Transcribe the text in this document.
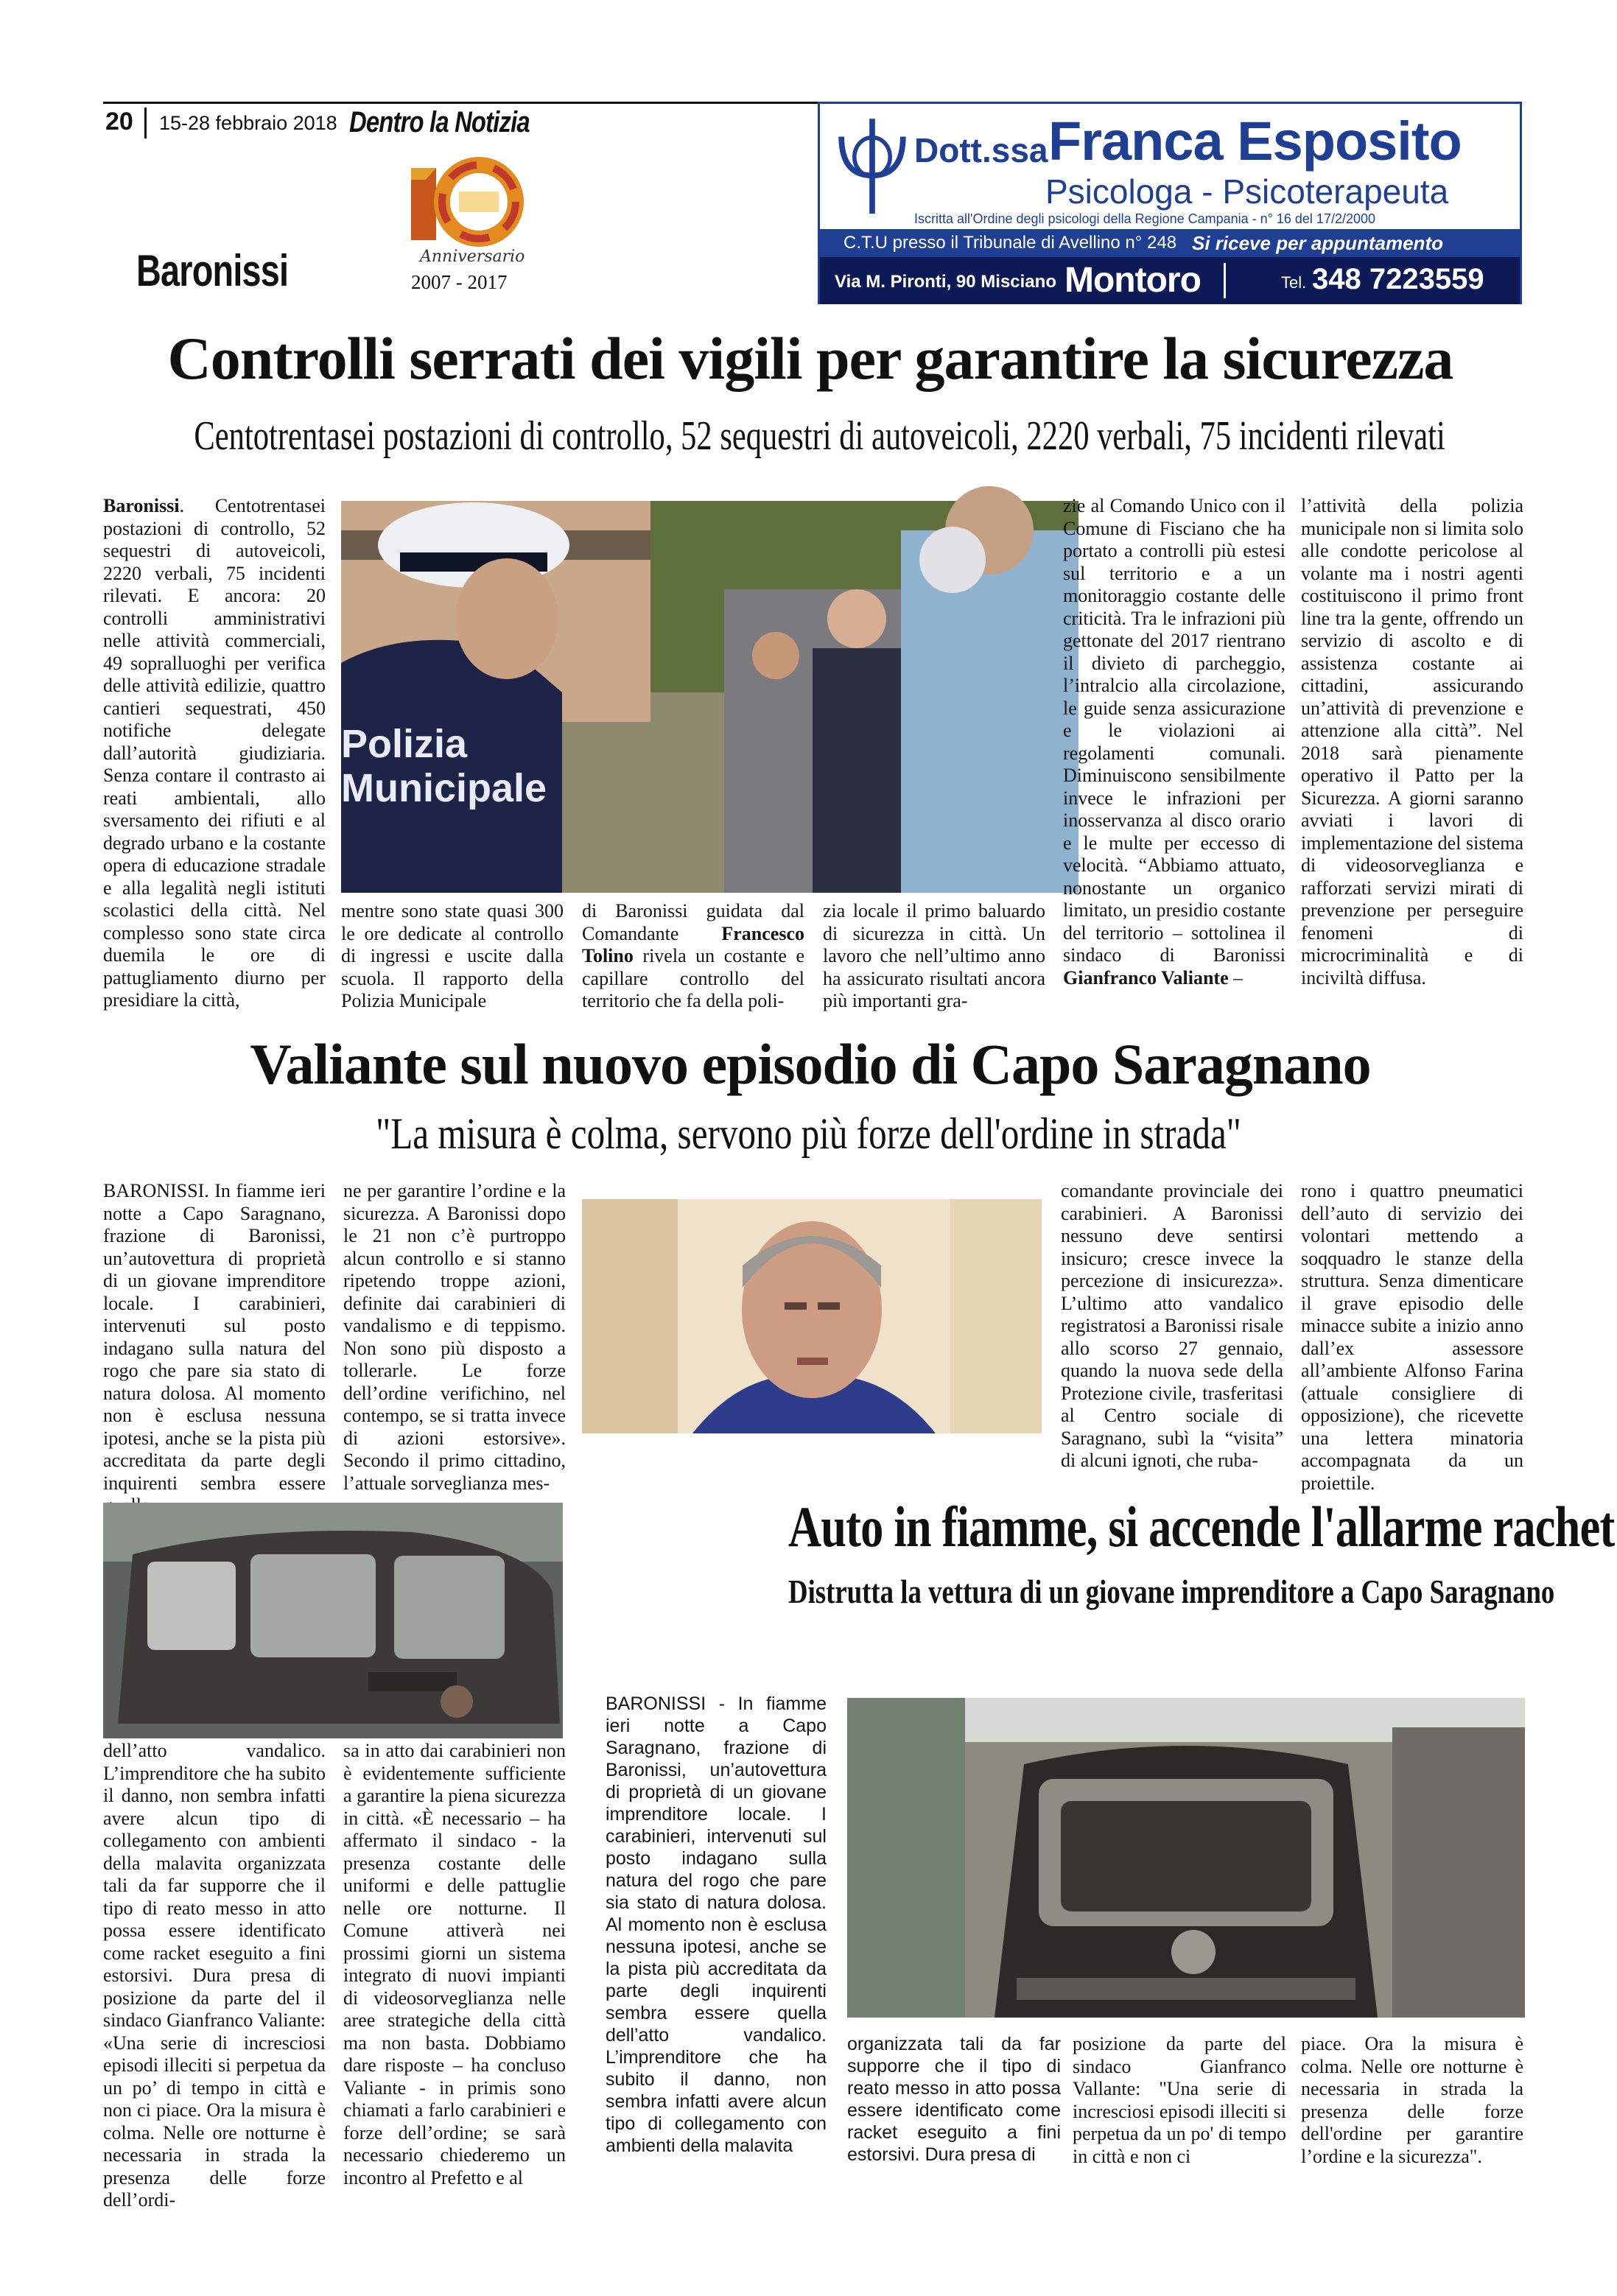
20 15-28 febbraio 2018 Dentro la Notizia
Anniversario
2007 - 2017
Baronissi
Dott.ssa Franca Esposito
Psicologa - Psicoterapeuta
Iscritta all'Ordine degli psicologi della Regione Campania - n° 16 del 17/2/2000
C.T.U presso il Tribunale di Avellino n° 248 Si riceve per appuntamento
Via M. Pironti, 90 Misciano Montoro	Tel. 348 7223559
Controlli serrati dei vigili per garantire la sicurezza
Centotrentasei postazioni di controllo, 52 sequestri di autoveicoli, 2220 verbali, 75 incidenti rilevati

Baronissi. Centotrentasei postazioni di controllo, 52 sequestri di autoveicoli, 2220 verbali, 75 incidenti rilevati. E ancora: 20 controlli amministrativi nelle attività commerciali, 49 sopralluoghi per verifica delle attività edilizie, quattro cantieri sequestrati, 450 notifiche delegate dall’autorità giudiziaria. Senza contare il contrasto ai reati ambientali, allo sversamento dei rifiuti e al degrado urbano e la costante opera di educazione stradale e alla legalità negli istituti scolastici della città. Nel complesso sono state circa duemila le ore di pattugliamento diurno per presidiare la città,

Polizia Municipale
mentre sono state quasi 300 le ore dedicate al controllo di ingressi e uscite dalla scuola. Il rapporto della Polizia Municipale

di Baronissi guidata dal Comandante Francesco Tolino rivela un costante e capillare controllo del territorio che fa della poli-

zia locale il primo baluardo di sicurezza in città. Un lavoro che nell’ultimo anno ha assicurato risultati ancora più importanti gra-

zie al Comando Unico con il Comune di Fisciano che ha portato a controlli più estesi sul territorio e a un monitoraggio costante delle criticità. Tra le infrazioni più gettonate del 2017 rientrano il divieto di parcheggio, l’intralcio alla circolazione, le guide senza assicurazione e le violazioni ai regolamenti comunali. Diminuiscono sensibilmente invece le infrazioni per inosservanza al disco orario e le multe per eccesso di velocità. “Abbiamo attuato, nonostante un organico limitato, un presidio costante del territorio – sottolinea il sindaco di Baronissi Gianfranco Valiante –

l’attività della polizia municipale non si limita solo alle condotte pericolose al volante ma i nostri agenti costituiscono il primo front line tra la gente, offrendo un servizio di ascolto e di assistenza costante ai cittadini, assicurando un’attività di prevenzione e attenzione alla città”. Nel 2018 sarà pienamente operativo il Patto per la Sicurezza. A giorni saranno avviati i lavori di implementazione del sistema di videosorveglianza e rafforzati servizi mirati di prevenzione per perseguire fenomeni di microcriminalità e di inciviltà diffusa.
Valiante sul nuovo episodio di Capo Saragnano
"La misura è colma, servono più forze dell'ordine in strada"
BARONISSI. In fiamme ieri notte a Capo Saragnano, frazione di Baronissi, un’autovettura di proprietà di un giovane imprenditore locale. I carabinieri, intervenuti sul posto indagano sulla natura del rogo che pare sia stato di natura dolosa. Al momento non è esclusa nessuna ipotesi, anche se la pista più accreditata da parte degli inquirenti sembra essere
ne per garantire l’ordine e la sicurezza. A Baronissi dopo le 21 non c’è purtroppo alcun controllo e si stanno ripetendo troppe azioni, definite dai carabinieri di vandalismo e di teppismo. Non sono più disposto a tollerarle. Le forze dell’ordine verifichino, nel contempo, se si tratta invece di azioni estorsive». Secondo il primo cittadino, l’attuale sorveglianza mes-
comandante provinciale dei carabinieri. A Baronissi nessuno deve sentirsi insicuro; cresce invece la percezione di insicurezza». L’ultimo atto vandalico registratosi a Baronissi risale allo scorso 27 gennaio, quando la nuova sede della Protezione civile, trasferitasi al Centro sociale di Saragnano, subì la “visita” di alcuni ignoti, che ruba-
rono i quattro pneumatici dell’auto di servizio dei volontari mettendo a soqquadro le stanze della struttura. Senza dimenticare il grave episodio delle minacce subite a inizio anno dall’ex assessore all’ambiente Alfonso Farina (attuale consigliere di opposizione), che ricevette una lettera minatoria accompagnata da un proiettile.
Auto in fiamme, si accende l'allarme rachet
Distrutta la vettura di un giovane imprenditore a Capo Saragnano
dell’atto vandalico. L’imprenditore che ha subito il danno, non sembra infatti avere alcun tipo di collegamento con ambienti della malavita organizzata tali da far supporre che il tipo di reato messo in atto possa essere identificato come racket eseguito a fini estorsivi. Dura presa di posizione da parte del il sindaco Gianfranco Valiante: «Una serie di incresciosi episodi illeciti si perpetua da un po’ di tempo in città e non ci piace. Ora la misura è colma. Nelle ore notturne è necessaria in strada la presenza delle forze dell’ordi-
sa in atto dai carabinieri non è evidentemente sufficiente a garantire la piena sicurezza in città. «È necessario – ha affermato il sindaco - la presenza costante delle uniformi e delle pattuglie nelle ore notturne. Il Comune attiverà nei prossimi giorni un sistema integrato di nuovi impianti di videosorveglianza nelle aree strategiche della città ma non basta. Dobbiamo dare risposte – ha concluso Valiante - in primis sono chiamati a farlo carabinieri e forze dell’ordine; se sarà necessario chiederemo un incontro al Prefetto e al
BARONISSI - In fiamme ieri notte a Capo Saragnano, frazione di Baronissi, un’autovettura di proprietà di un giovane imprenditore locale. I carabinieri, intervenuti sul posto indagano sulla natura del rogo che pare sia stato di natura dolosa. Al momento non è esclusa nessuna ipotesi, anche se la pista più accreditata da parte degli inquirenti sembra essere quella dell’atto vandalico. L’imprenditore che ha subito il danno, non sembra infatti avere alcun tipo di collegamento con ambienti della malavita
organizzata tali da far supporre che il tipo di reato messo in atto possa essere identificato come racket eseguito a fini estorsivi. Dura presa di
posizione da parte del sindaco Gianfranco Vallante: "Una serie di incresciosi episodi illeciti si perpetua da un po' di tempo in città e non ci
piace. Ora la misura è colma. Nelle ore notturne è necessaria in strada la presenza delle forze dell'ordine per garantire l’ordine e la sicurezza".
